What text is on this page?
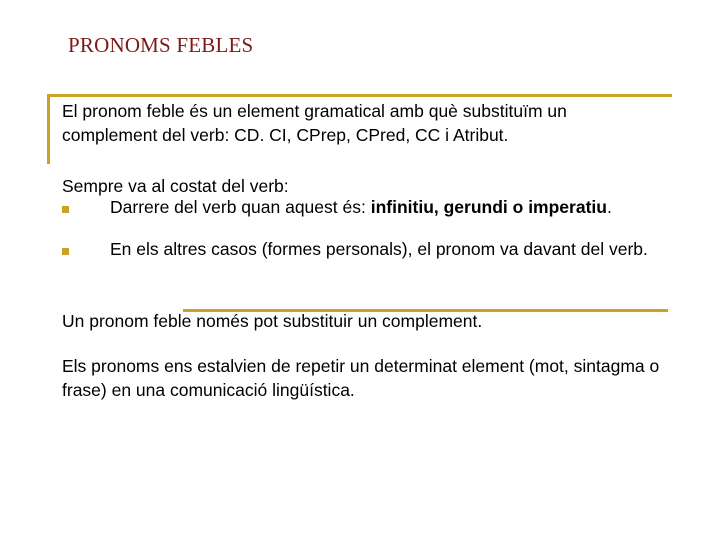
PRONOMS FEBLES

El pronom feble és un element gramatical amb què substituïm un complement del verb: CD. CI, CPrep, CPred, CC i Atribut.

Sempre va al costat del verb:
Darrere del verb quan aquest és: infinitiu, gerundi o imperatiu.
En els altres casos (formes personals), el pronom va davant del verb.

Un pronom feble només pot substituir un complement.

Els pronoms ens estalvien de repetir un determinat element (mot, sintagma o frase) en una comunicació lingüística.
